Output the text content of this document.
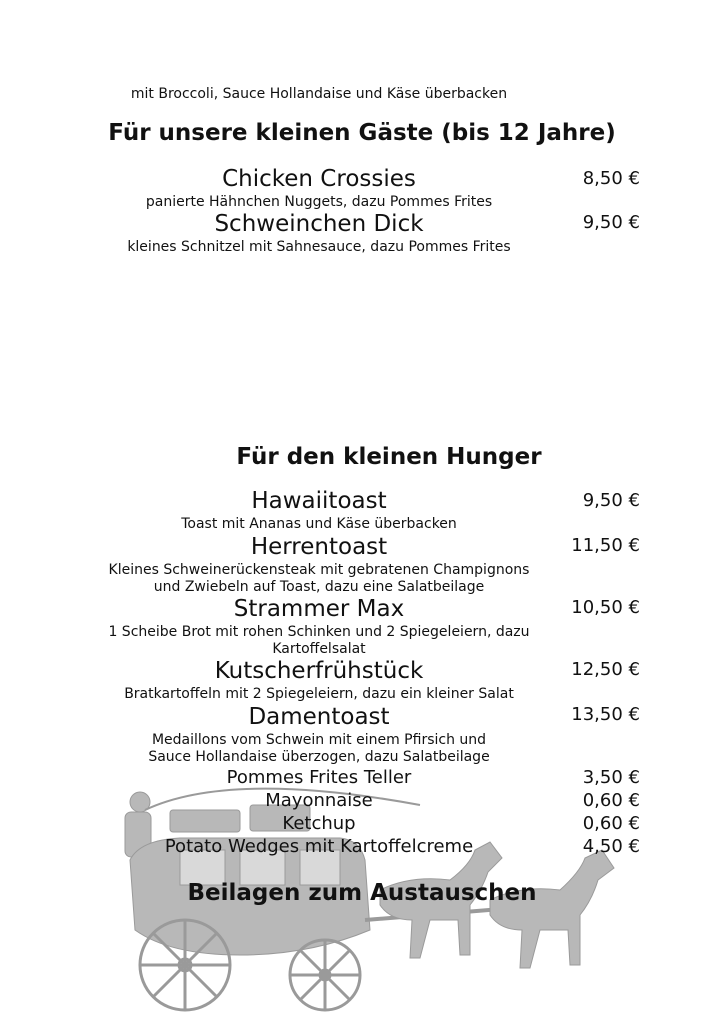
mit Broccoli, Sauce Hollandaise und Käse überbacken
Für unsere kleinen Gäste (bis 12 Jahre)
Chicken Crossies	8,50 €
panierte Hähnchen Nuggets, dazu Pommes Frites
Schweinchen Dick	9,50 €
kleines Schnitzel mit Sahnesauce, dazu Pommes Frites
Für den kleinen Hunger
Hawaiitoast	9,50 €
Toast mit Ananas und Käse überbacken
Herrentoast	11,50 €
Kleines Schweinerückensteak mit gebratenen Champignons
und Zwiebeln auf Toast, dazu eine Salatbeilage
Strammer Max	10,50 €
1 Scheibe Brot mit rohen Schinken und 2 Spiegeleiern, dazu
Kartoffelsalat
Kutscherfrühstück	12,50 €
Bratkartoffeln mit 2 Spiegeleiern, dazu ein kleiner Salat
Damentoast	13,50 €
Medaillons vom Schwein mit einem Pfirsich und
Sauce Hollandaise überzogen, dazu Salatbeilage
Pommes Frites Teller	3,50 €
Mayonnaise	0,60 €
Ketchup	0,60 €
Potato Wedges mit Kartoffelcreme	4,50 €
Beilagen zum Austauschen
